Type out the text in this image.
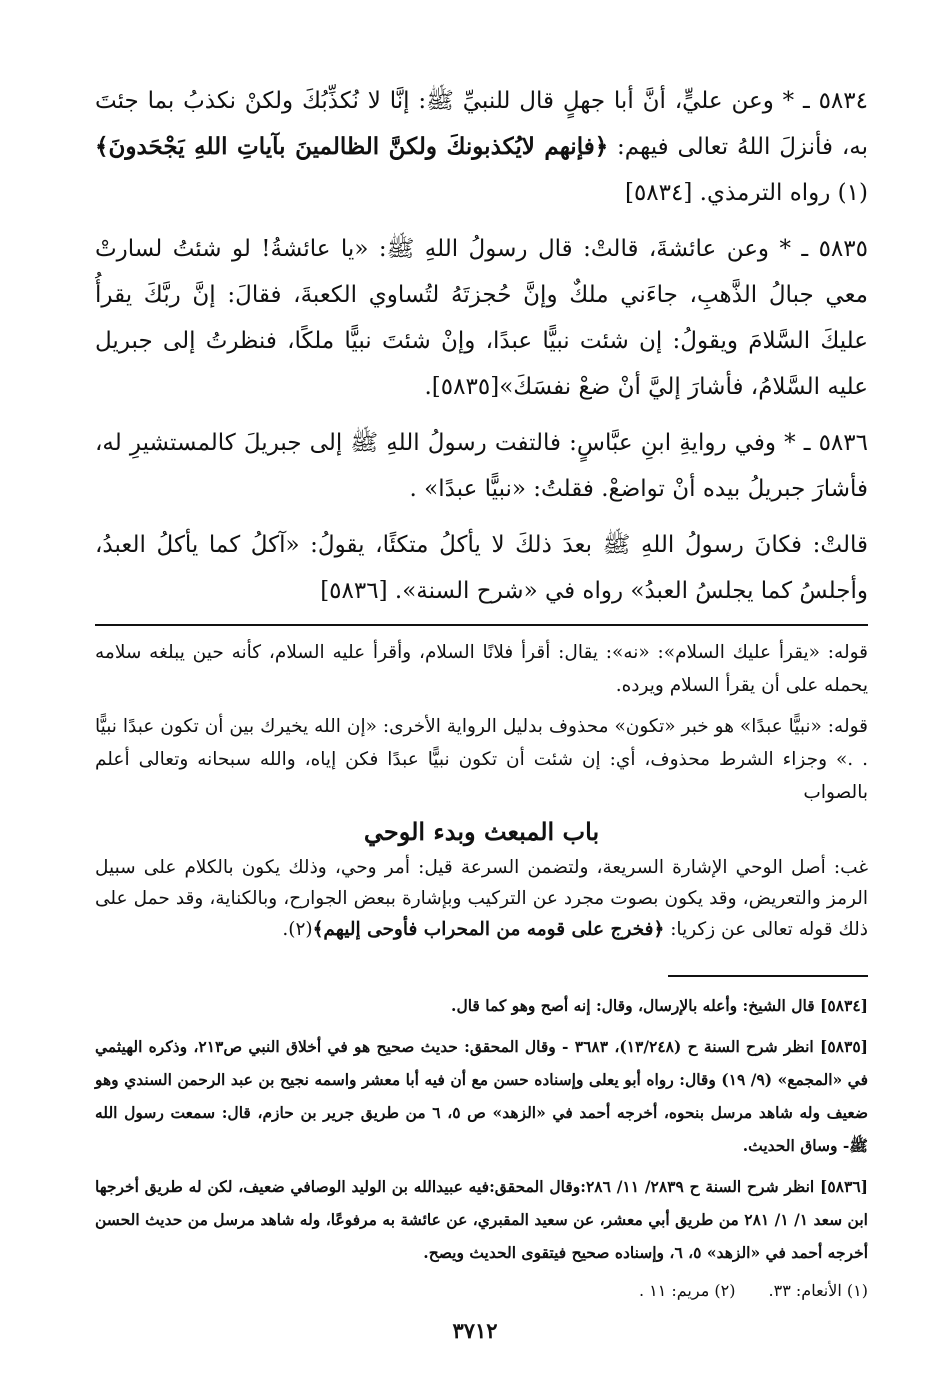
٥٨٣٤ ـ * وعن عليٍّ، أنَّ أبا جهلٍ قال للنبيِّ ﷺ: إنَّا لا نُكذِّبُكَ ولكنْ نكذبُ بما جئتَ به، فأنزلَ اللهُ تعالى فيهم: ﴿فإنهم لايُكذبونكَ ولكنَّ الظالمينَ بآياتِ اللهِ يَجْحَدونَ﴾(١) رواه الترمذي. [٥٨٣٤]

٥٨٣٥ ـ * وعن عائشةَ، قالتْ: قال رسولُ اللهِ ﷺ: «يا عائشةُ! لو شئتُ لسارتْ معي جبالُ الذَّهبِ، جاءَني ملكٌ وإنَّ حُجزتَهُ لتُساوي الكعبةَ، فقالَ: إنَّ ربَّكَ يقرأُ عليكَ السَّلامَ ويقولُ: إن شئت نبيًّا عبدًا، وإنْ شئتَ نبيًّا ملكًا، فنظرتُ إلى جبريل عليه السَّلامُ، فأشارَ إليَّ أنْ ضعْ نفسَكَ»[٥٨٣٥].

٥٨٣٦ ـ * وفي روايةِ ابنِ عبَّاسٍ: فالتفت رسولُ اللهِ ﷺ إلى جبريلَ كالمستشيرِ له، فأشارَ جبريلُ بيده أنْ تواضعْ. فقلتُ: «نبيًّا عبدًا» .

قالتْ: فكانَ رسولُ اللهِ ﷺ بعدَ ذلكَ لا يأكلُ متكئًا، يقولُ: «آكلُ كما يأكلُ العبدُ، وأجلسُ كما يجلسُ العبدُ» رواه في «شرح السنة». [٥٨٣٦]

قوله: «يقرأ عليك السلام»: «نه»: يقال: أقرأ فلانًا السلام، وأقرأ عليه السلام، كأنه حين يبلغه سلامه يحمله على أن يقرأ السلام ويرده.

قوله: «نبيًّا عبدًا» هو خبر «تكون» محذوف بدليل الرواية الأخرى: «إن الله يخيرك بين أن تكون عبدًا نبيًّا . .» وجزاء الشرط محذوف، أي: إن شئت أن تكون نبيًّا عبدًا فكن إياه، والله سبحانه وتعالى أعلم بالصواب

باب المبعث وبدء الوحي

غب: أصل الوحي الإشارة السريعة، ولتضمن السرعة قيل: أمر وحي، وذلك يكون بالكلام على سبيل الرمز والتعريض، وقد يكون بصوت مجرد عن التركيب وبإشارة ببعض الجوارح، وبالكناية، وقد حمل على ذلك قوله تعالى عن زكريا: ﴿فخرج على قومه من المحراب فأوحى إليهم﴾(٢).

[٥٨٣٤] قال الشيخ: وأعله بالإرسال، وقال: إنه أصح وهو كما قال.

[٥٨٣٥] انظر شرح السنة ح (١٣/٢٤٨)، ٣٦٨٣ - وقال المحقق: حديث صحيح هو في أخلاق النبي ص٢١٣، وذكره الهيثمي في «المجمع» (٩/ ١٩) وقال: رواه أبو يعلى وإسناده حسن مع أن فيه أبا معشر واسمه نجيح بن عبد الرحمن السندي وهو ضعيف وله شاهد مرسل بنحوه، أخرجه أحمد في «الزهد» ص ٥، ٦ من طريق جرير بن حازم، قال: سمعت رسول الله ﷺ- وساق الحديث.

[٥٨٣٦] انظر شرح السنة ح ٢٨٣٩/ ١١/ ٢٨٦:وقال المحقق:فيه عبيدالله بن الوليد الوصافي ضعيف، لكن له طريق أخرجها ابن سعد ١/ ١/ ٢٨١ من طريق أبي معشر، عن سعيد المقبري، عن عائشة به مرفوعًا، وله شاهد مرسل من حديث الحسن أخرجه أحمد في «الزهد» ٥، ٦، وإسناده صحيح فيتقوى الحديث ويصح.

(١) الأنعام: ٣٣. (٢) مريم: ١١ .
٣٧١٢
